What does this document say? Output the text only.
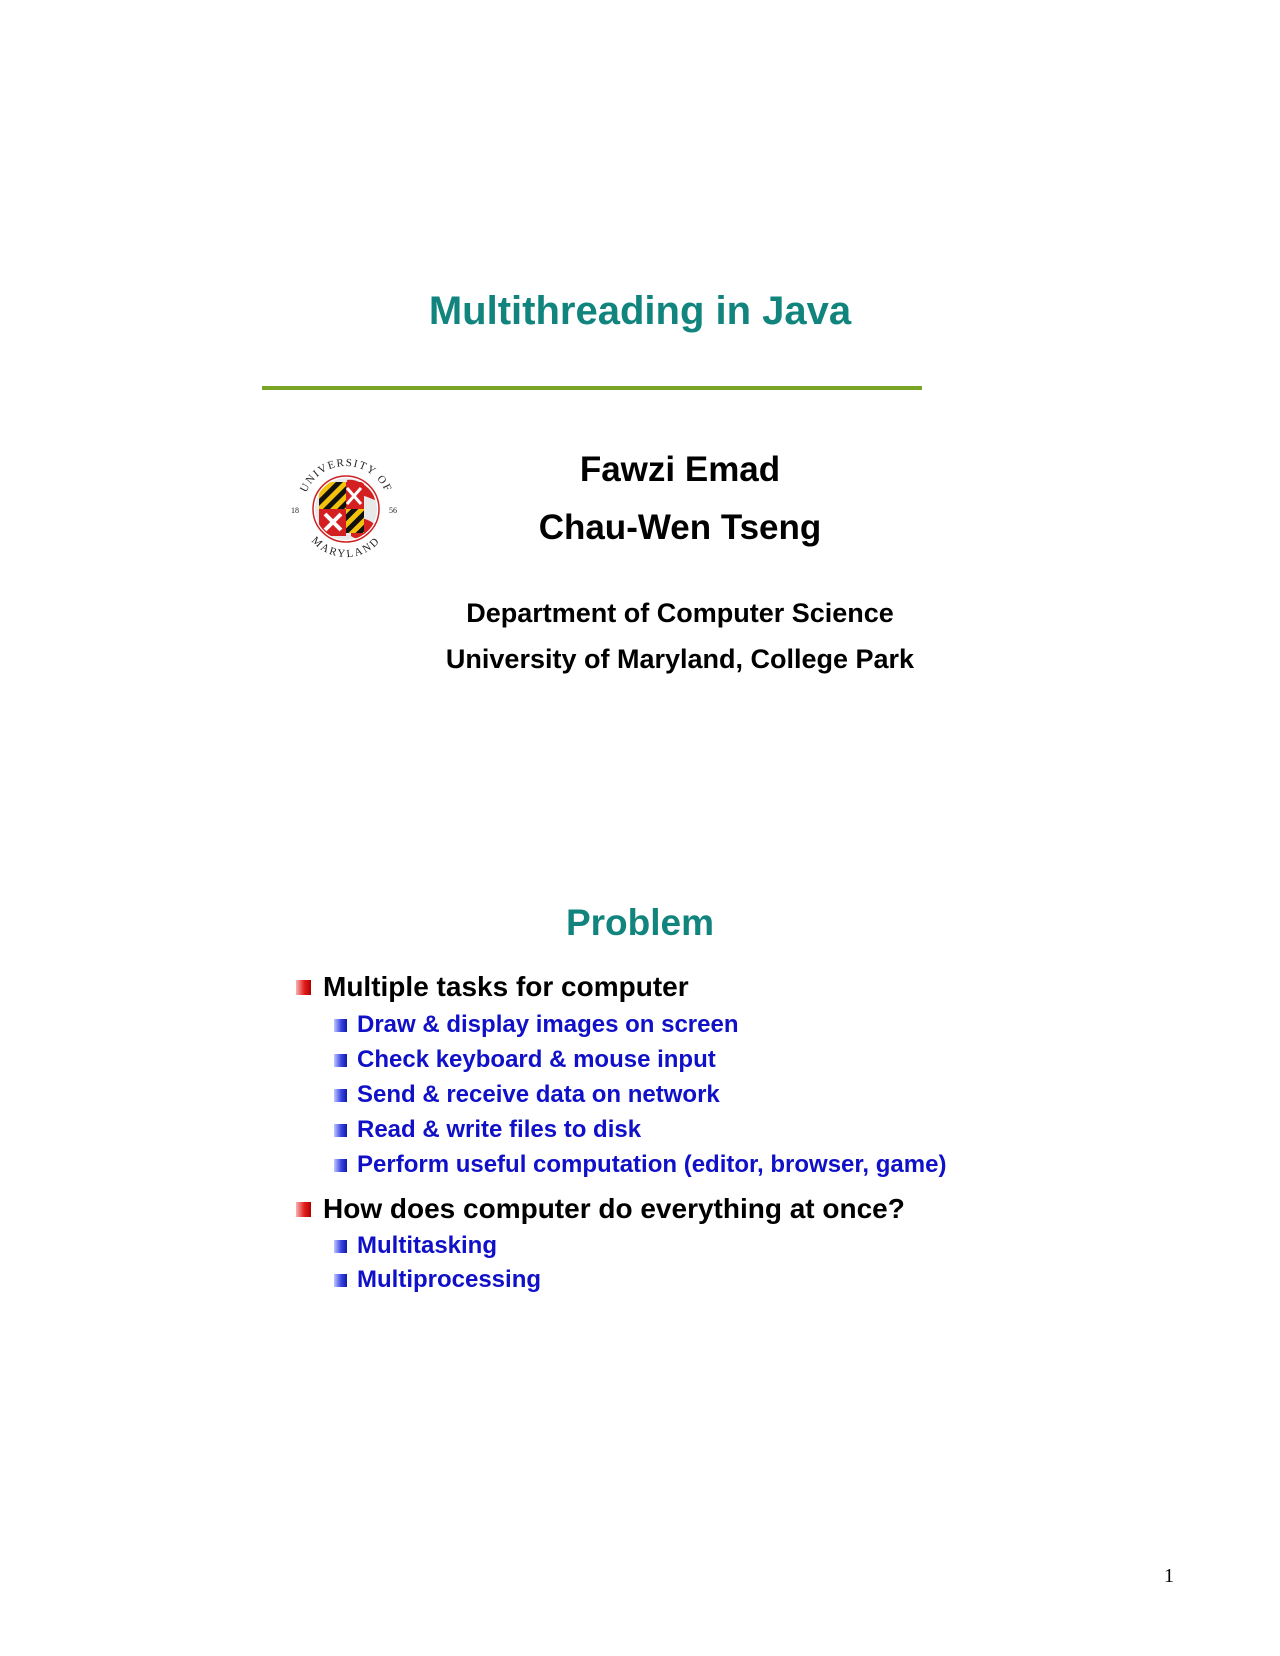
Multithreading in Java
UNIVERSITY OF
MARYLAND
18	56
Fawzi Emad
Chau-Wen Tseng
Department of Computer Science
University of Maryland, College Park
Problem
Multiple tasks for computer
Draw & display images on screen
Check keyboard & mouse input
Send & receive data on network
Read & write files to disk
Perform useful computation (editor, browser, game)
How does computer do everything at once?
Multitasking
Multiprocessing
1
